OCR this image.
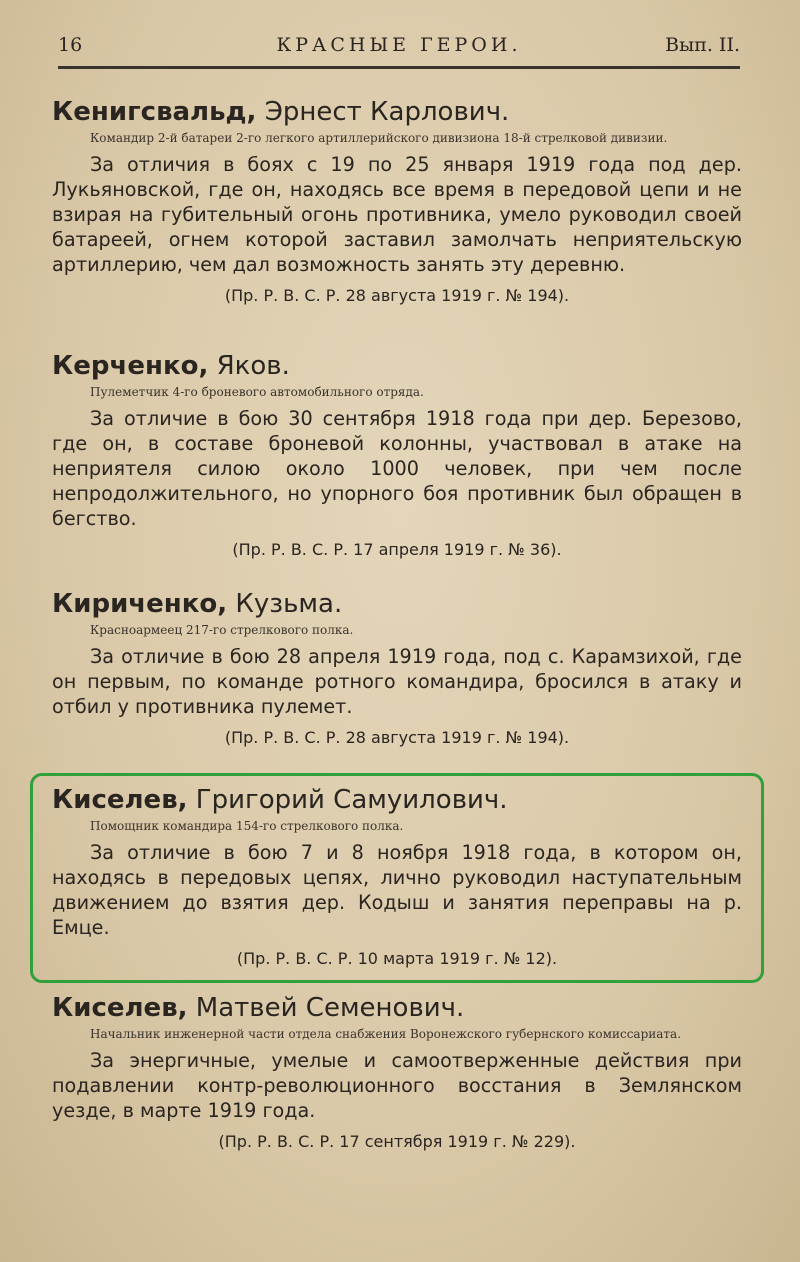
16	КРАСНЫЕ ГЕРОИ.	Вып. II.
Кенигсвальд, Эрнест Карлович.
Командир 2-й батареи 2-го легкого артиллерийского дивизиона 18-й стрелковой дивизии.
За отличия в боях с 19 по 25 января 1919 года под дер. Лукьяновской, где он, находясь все время в передовой цепи и не взирая на губительный огонь противника, умело руководил своей батареей, огнем которой заставил замолчать неприятельскую артиллерию, чем дал возможность занять эту деревню.
(Пр. Р. В. С. Р. 28 августа 1919 г. № 194).
Керченко, Яков.
Пулеметчик 4-го броневого автомобильного отряда.
За отличие в бою 30 сентября 1918 года при дер. Березово, где он, в составе броневой колонны, участвовал в атаке на неприятеля силою около 1000 человек, при чем после непродолжительного, но упорного боя противник был обращен в бегство.
(Пр. Р. В. С. Р. 17 апреля 1919 г. № 36).
Кириченко, Кузьма.
Красноармеец 217-го стрелкового полка.
За отличие в бою 28 апреля 1919 года, под с. Карамзихой, где он первым, по команде ротного командира, бросился в атаку и отбил у противника пулемет.
(Пр. Р. В. С. Р. 28 августа 1919 г. № 194).
Киселев, Григорий Самуилович.
Помощник командира 154-го стрелкового полка.
За отличие в бою 7 и 8 ноября 1918 года, в котором он, находясь в передовых цепях, лично руководил наступательным движением до взятия дер. Кодыш и занятия переправы на р. Емце.
(Пр. Р. В. С. Р. 10 марта 1919 г. № 12).
Киселев, Матвей Семенович.
Начальник инженерной части отдела снабжения Воронежского губернского комиссариата.
За энергичные, умелые и самоотверженные действия при подавлении контр-революционного восстания в Землянском уезде, в марте 1919 года.
(Пр. Р. В. С. Р. 17 сентября 1919 г. № 229).
